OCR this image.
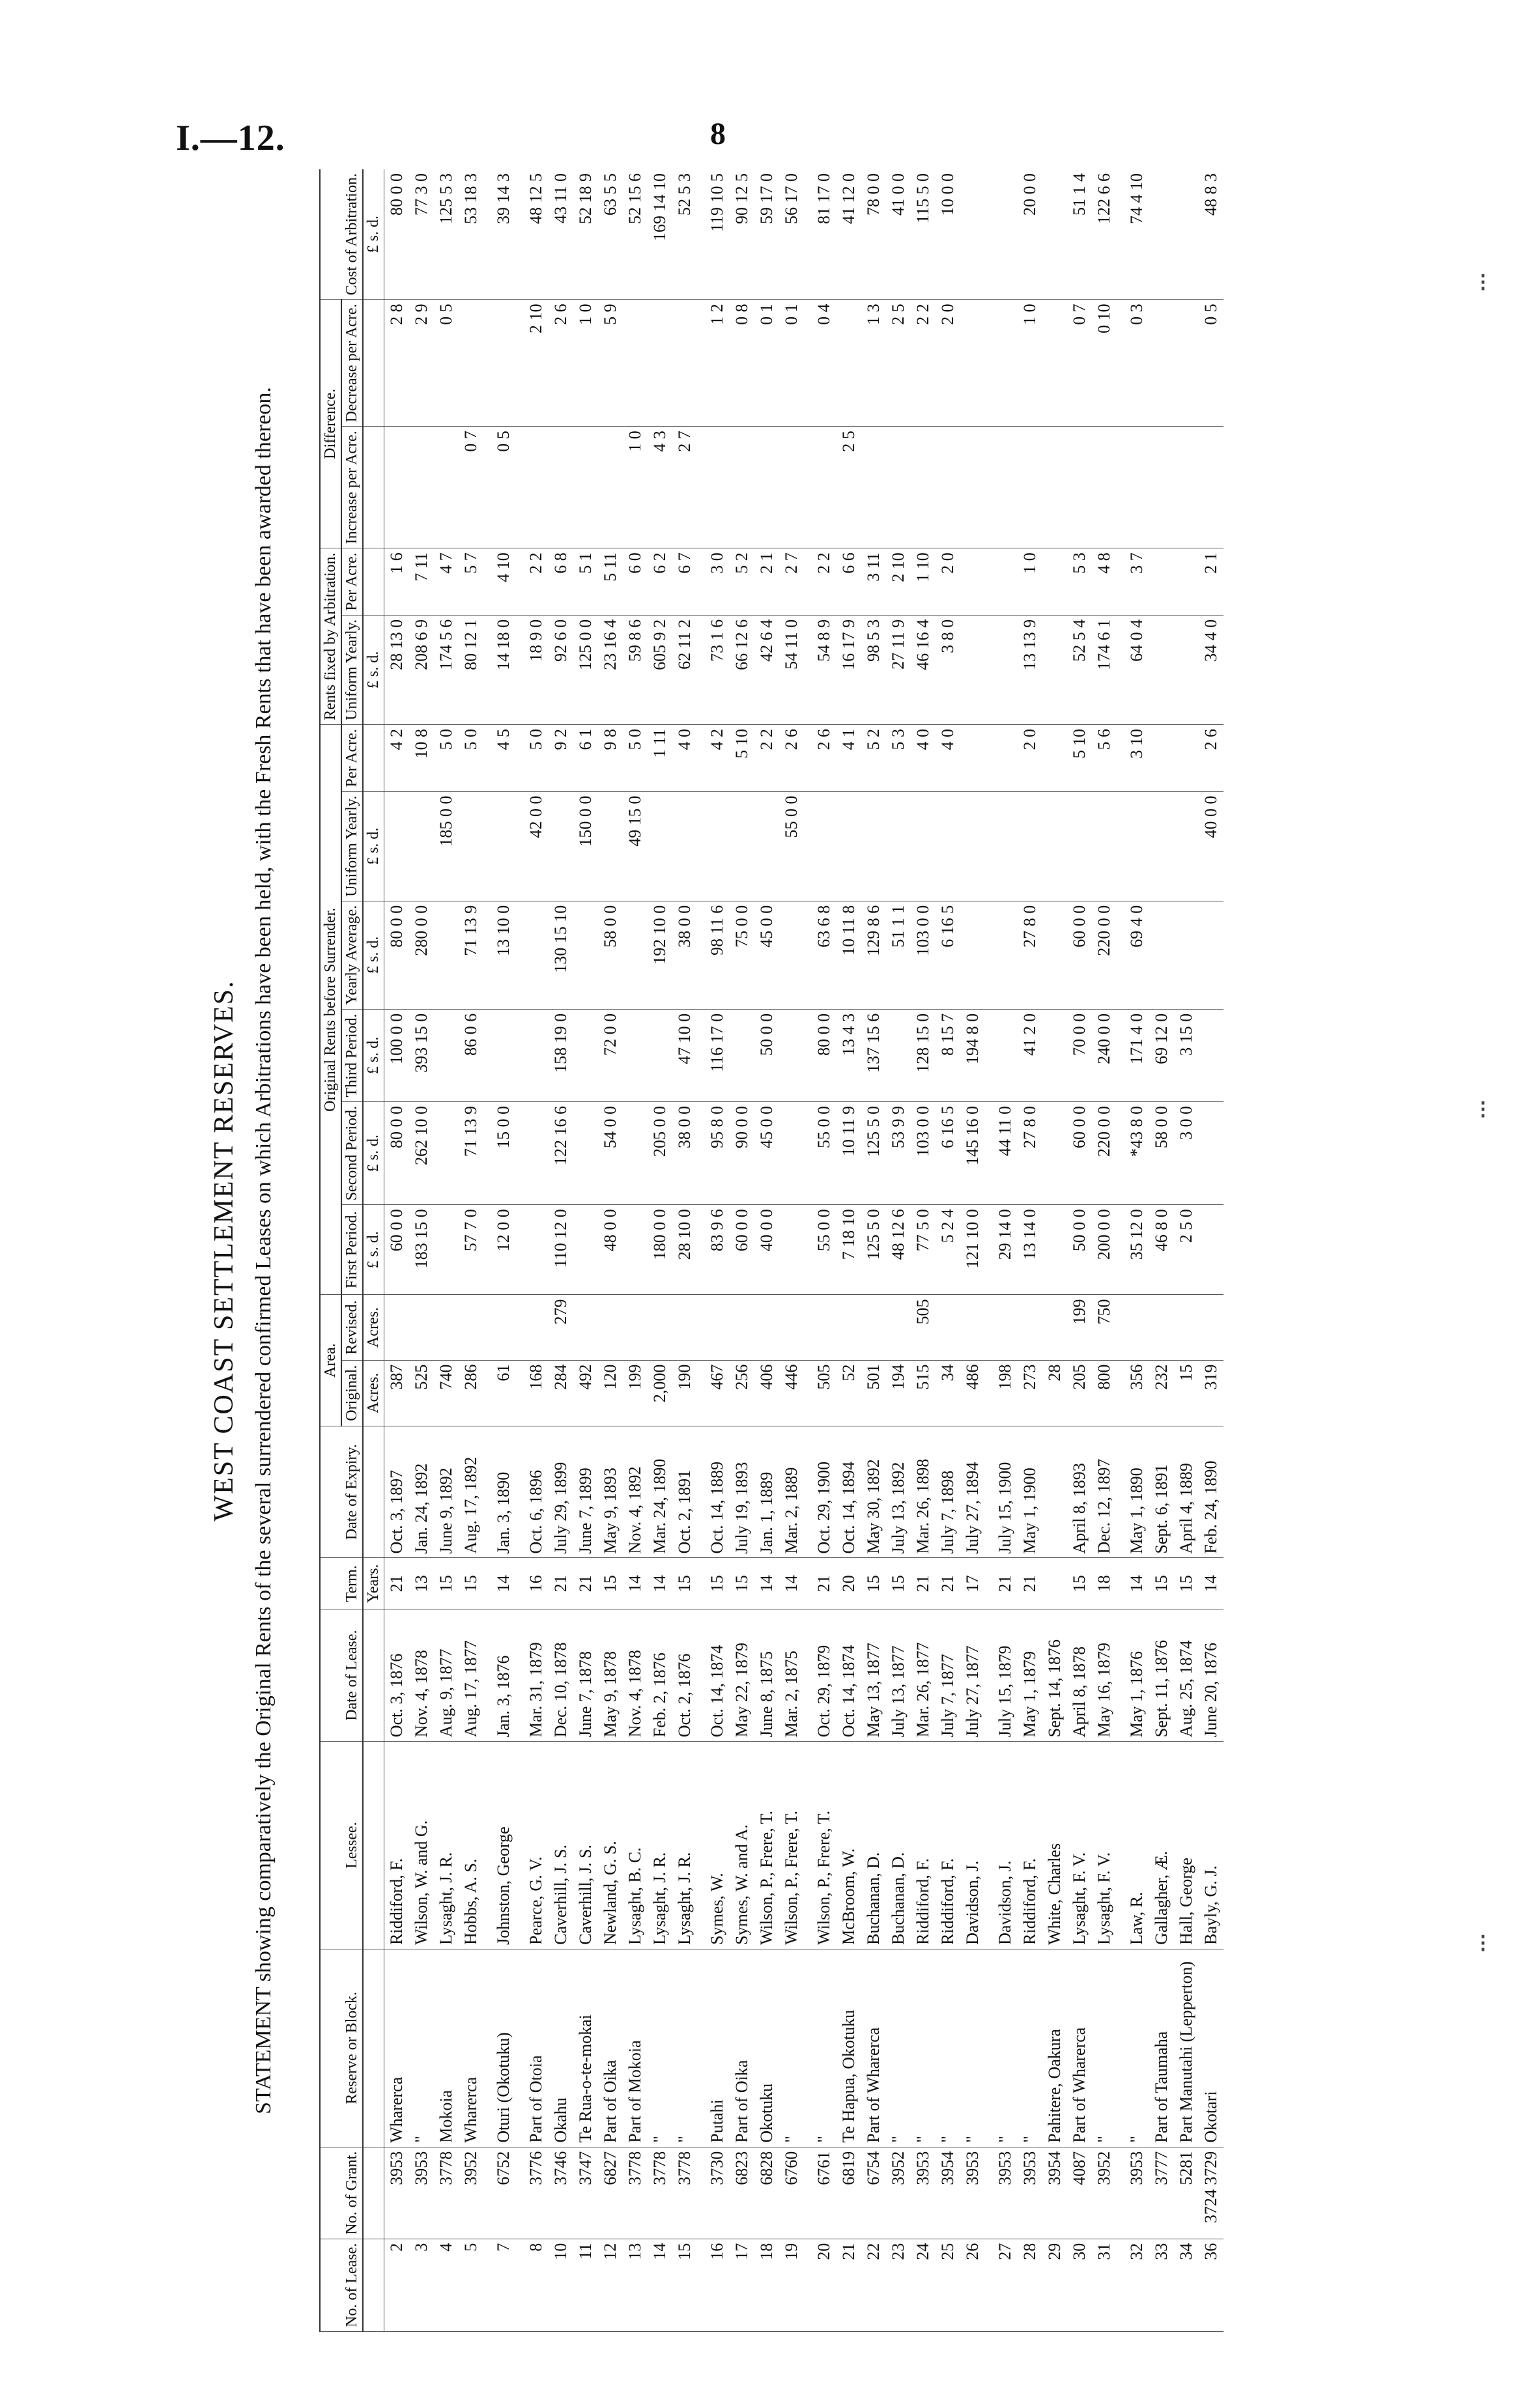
I.—12.	8
⁝
⁝
⁝
WEST COAST SETTLEMENT RESERVES. STATEMENT showing comparatively the Original Rents of the several surrendered confirmed Leases on which Arbitrations have been held, with the Fresh Rents that have been awarded thereon.
No. of Lease.	No. of Grant.	Reserve or Block.	Lessee.	Date of Lease.	Term.	Date of Expiry.	Area.		Original Rents before Surrender.						Rents fixed by Arbitration.		Difference.		Cost of Arbitration.
							Original.	Revised.	First Period.	Second Period.	Third Period.	Yearly Average.	Uniform Yearly.	Per Acre.	Uniform Yearly.	Per Acre.	Increase per Acre.	Decrease per Acre.	
					Years.		Acres.	Acres.	£ s. d.	£ s. d.	£ s. d.	£ s. d.	£ s. d.		£ s. d.				£ s. d.
2	3953	Wharerca	Riddiford, F.	Oct. 3, 1876	21	Oct. 3, 1897	387		60 0 0	80 0 0	100 0 0	80 0 0		4 2	28 13 0	1 6		2 8	80 0 0
3	3953	"	Wilson, W. and G.	Nov. 4, 1878	13	Jan. 24, 1892	525		183 15 0	262 10 0	393 15 0	280 0 0		10 8	208 6 9	7 11		2 9	77 3 0
4	3778	Mokoia	Lysaght, J. R.	Aug. 9, 1877	15	June 9, 1892	740						185 0 0	5 0	174 5 6	4 7		0 5	125 5 3
5	3952	Wharerca	Hobbs, A. S.	Aug. 17, 1877	15	Aug. 17, 1892	286		57 7 0	71 13 9	86 0 6	71 13 9		5 0	80 12 1	5 7	0 7		53 18 3
7	6752	Oturi (Okotuku)	Johnston, George	Jan. 3, 1876	14	Jan. 3, 1890	61		12 0 0	15 0 0		13 10 0		4 5	14 18 0	4 10	0 5		39 14 3
8	3776	Part of Otoia	Pearce, G. V.	Mar. 31, 1879	16	Oct. 6, 1896	168						42 0 0	5 0	18 9 0	2 2		2 10	48 12 5
10	3746	Okahu	Caverhill, J. S.	Dec. 10, 1878	21	July 29, 1899	284	279	110 12 0	122 16 6	158 19 0	130 15 10		9 2	92 6 0	6 8		2 6	43 11 0
11	3747	Te Rua-o-te-mokai	Caverhill, J. S.	June 7, 1878	21	June 7, 1899	492						150 0 0	6 1	125 0 0	5 1		1 0	52 18 9
12	6827	Part of Oika	Newland, G. S.	May 9, 1878	15	May 9, 1893	120		48 0 0	54 0 0	72 0 0	58 0 0		9 8	23 16 4	5 11		5 9	63 5 5
13	3778	Part of Mokoia	Lysaght, B. C.	Nov. 4, 1878	14	Nov. 4, 1892	199						49 15 0	5 0	59 8 6	6 0	1 0		52 15 6
14	3778	"	Lysaght, J. R.	Feb. 2, 1876	14	Mar. 24, 1890	2,000		180 0 0	205 0 0		192 10 0		1 11	605 9 2	6 2	4 3		169 14 10
15	3778	"	Lysaght, J. R.	Oct. 2, 1876	15	Oct. 2, 1891	190		28 10 0	38 0 0	47 10 0	38 0 0		4 0	62 11 2	6 7	2 7		52 5 3
16	3730	Putahi	Symes, W.	Oct. 14, 1874	15	Oct. 14, 1889	467		83 9 6	95 8 0	116 17 0	98 11 6		4 2	73 1 6	3 0		1 2	119 10 5
17	6823	Part of Oika	Symes, W. and A.	May 22, 1879	15	July 19, 1893	256		60 0 0	90 0 0		75 0 0		5 10	66 12 6	5 2		0 8	90 12 5
18	6828	Okotuku	Wilson, P., Frere, T.	June 8, 1875	14	Jan. 1, 1889	406		40 0 0	45 0 0	50 0 0	45 0 0		2 2	42 6 4	2 1		0 1	59 17 0
19	6760	"	Wilson, P., Frere, T.	Mar. 2, 1875	14	Mar. 2, 1889	446						55 0 0	2 6	54 11 0	2 7		0 1	56 17 0
20	6761	"	Wilson, P., Frere, T.	Oct. 29, 1879	21	Oct. 29, 1900	505		55 0 0	55 0 0	80 0 0	63 6 8		2 6	54 8 9	2 2		0 4	81 17 0
21	6819	Te Hapua, Okotuku	McBroom, W.	Oct. 14, 1874	20	Oct. 14, 1894	52		7 18 10	10 11 9	13 4 3	10 11 8		4 1	16 17 9	6 6	2 5		41 12 0
22	6754	Part of Wharerca	Buchanan, D.	May 13, 1877	15	May 30, 1892	501		125 5 0	125 5 0	137 15 6	129 8 6		5 2	98 5 3	3 11		1 3	78 0 0
23	3952	"	Buchanan, D.	July 13, 1877	15	July 13, 1892	194		48 12 6	53 9 9		51 1 1		5 3	27 11 9	2 10		2 5	41 0 0
24	3953	"	Riddiford, F.	Mar. 26, 1877	21	Mar. 26, 1898	515	505	77 5 0	103 0 0	128 15 0	103 0 0		4 0	46 16 4	1 10		2 2	115 5 0
25	3954	"	Riddiford, F.	July 7, 1877	21	July 7, 1898	34		5 2 4	6 16 5	8 15 7	6 16 5		4 0	3 8 0	2 0		2 0	10 0 0
26	3953	"	Davidson, J.	July 27, 1877	17	July 27, 1894	486		121 10 0	145 16 0	194 8 0								
27	3953	"	Davidson, J.	July 15, 1879	21	July 15, 1900	198		29 14 0	44 11 0									
28	3953	"	Riddiford, F.	May 1, 1879	21	May 1, 1900	273		13 14 0	27 8 0	41 2 0	27 8 0		2 0	13 13 9	1 0		1 0	20 0 0
29	3954	Pahitere, Oakura	White, Charles	Sept. 14, 1876			28												
30	4087	Part of Wharerca	Lysaght, F. V.	April 8, 1878	15	April 8, 1893	205	199	50 0 0	60 0 0	70 0 0	60 0 0		5 10	52 5 4	5 3		0 7	51 1 4
31	3952	"	Lysaght, F. V.	May 16, 1879	18	Dec. 12, 1897	800	750	200 0 0	220 0 0	240 0 0	220 0 0		5 6	174 6 1	4 8		0 10	122 6 6
32	3953	"	Law, R.	May 1, 1876	14	May 1, 1890	356		35 12 0	*43 8 0	171 4 0	69 4 0		3 10	64 0 4	3 7		0 3	74 4 10
33	3777	Part of Taumaha	Gallagher, Æ.	Sept. 11, 1876	15	Sept. 6, 1891	232		46 8 0	58 0 0	69 12 0								
34	5281	Part Manutahi (Lepperton)	Hall, George	Aug. 25, 1874	15	April 4, 1889	15		2 5 0	3 0 0	3 15 0								
36	3724 3729	Okotari	Bayly, G. J.	June 20, 1876	14	Feb. 24, 1890	319						40 0 0	2 6	34 4 0	2 1		0 5	48 8 3
